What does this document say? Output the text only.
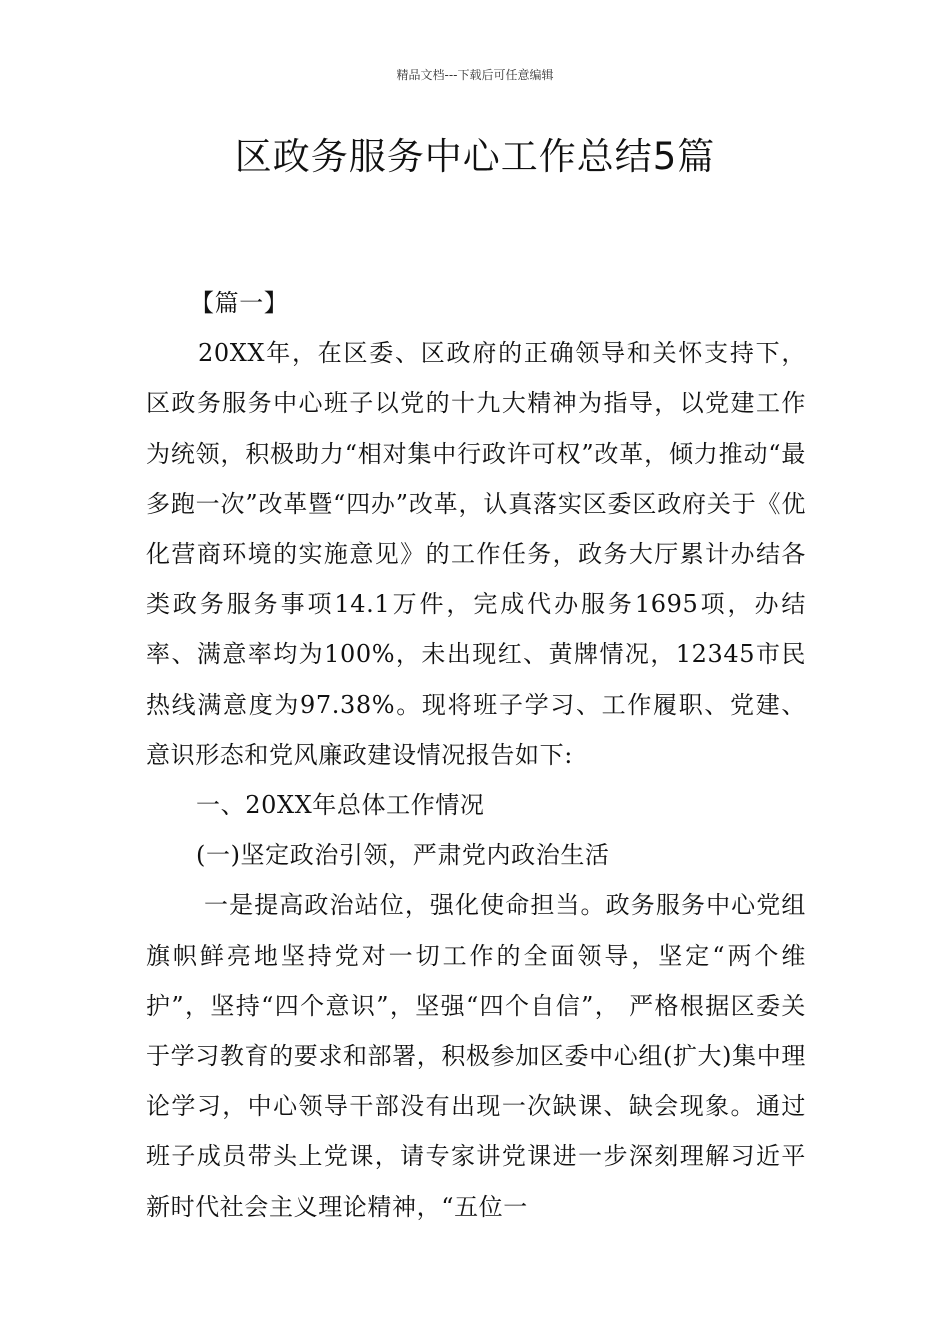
精品文档---下载后可任意编辑
区政务服务中心工作总结5篇

【篇一】

20XX年，在区委、区政府的正确领导和关怀支持下，区政务服务中心班子以党的十九大精神为指导，以党建工作为统领，积极助力“相对集中行政许可权”改革，倾力推动“最多跑一次”改革暨“四办”改革，认真落实区委区政府关于《优化营商环境的实施意见》的工作任务，政务大厅累计办结各类政务服务事项14.1万件，完成代办服务1695项，办结率、满意率均为100%，未出现红、黄牌情况，12345市民热线满意度为97.38%。现将班子学习、工作履职、党建、意识形态和党风廉政建设情况报告如下:

一、20XX年总体工作情况

(一)坚定政治引领，严肃党内政治生活

一是提高政治站位，强化使命担当。政务服务中心党组旗帜鲜亮地坚持党对一切工作的全面领导，坚定“两个维护”，坚持“四个意识”，坚强“四个自信”， 严格根据区委关于学习教育的要求和部署，积极参加区委中心组(扩大)集中理论学习，中心领导干部没有出现一次缺课、缺会现象。通过班子成员带头上党课，请专家讲党课进一步深刻理解习近平新时代社会主义理论精神，“五位一
